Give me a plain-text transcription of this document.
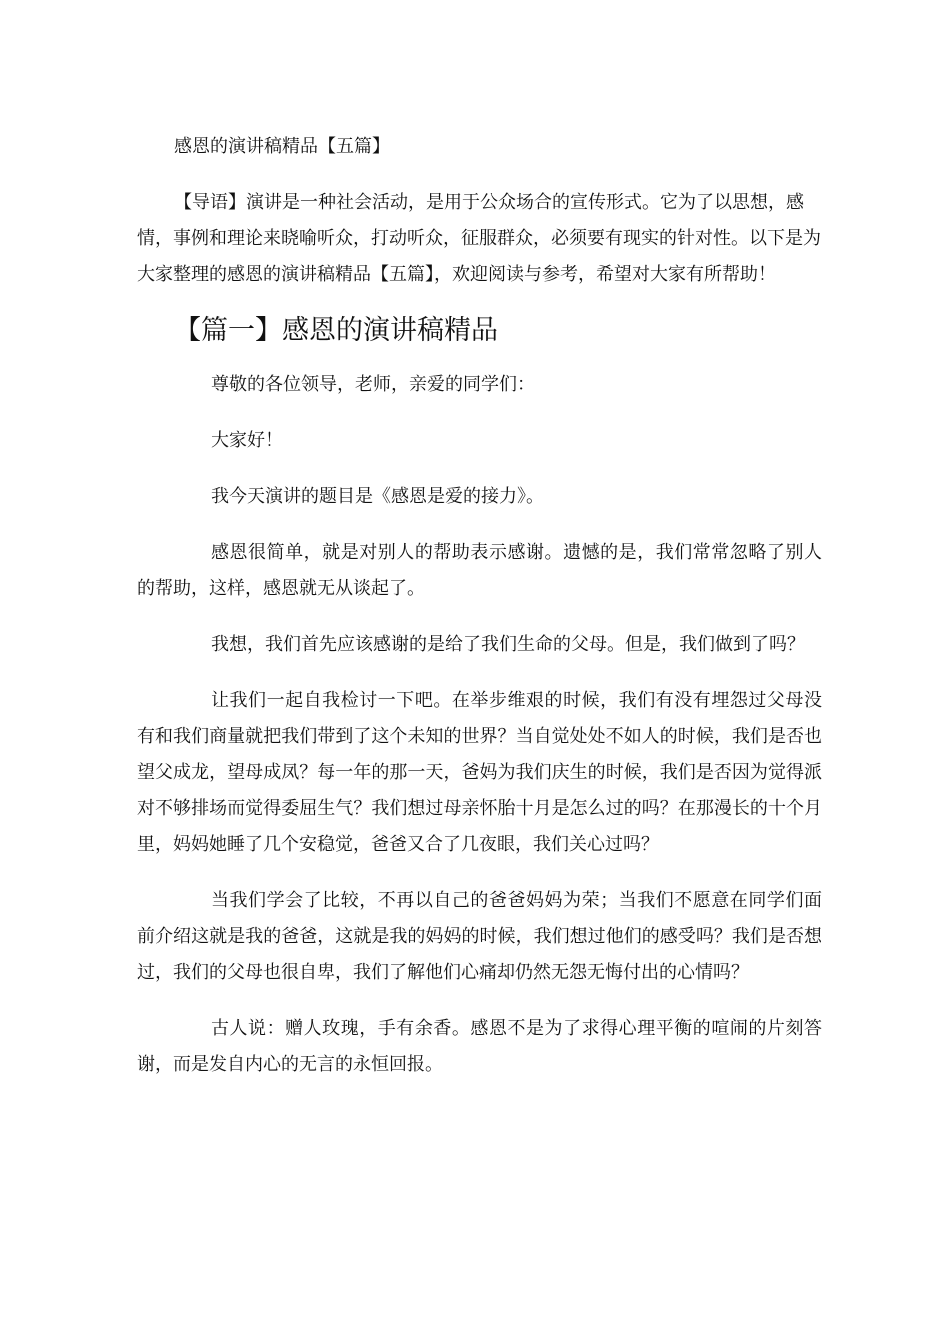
感恩的演讲稿精品【五篇】

【导语】演讲是一种社会活动，是用于公众场合的宣传形式。它为了以思想，感情，事例和理论来晓喻听众，打动听众，征服群众，必须要有现实的针对性。以下是为大家整理的感恩的演讲稿精品【五篇】，欢迎阅读与参考，希望对大家有所帮助！

【篇一】感恩的演讲稿精品

尊敬的各位领导，老师，亲爱的同学们：

大家好！

我今天演讲的题目是《感恩是爱的接力》。

感恩很简单，就是对别人的帮助表示感谢。遗憾的是，我们常常忽略了别人的帮助，这样，感恩就无从谈起了。

我想，我们首先应该感谢的是给了我们生命的父母。但是，我们做到了吗？

让我们一起自我检讨一下吧。在举步维艰的时候，我们有没有埋怨过父母没有和我们商量就把我们带到了这个未知的世界？当自觉处处不如人的时候，我们是否也望父成龙，望母成凤？每一年的那一天，爸妈为我们庆生的时候，我们是否因为觉得派对不够排场而觉得委屈生气？我们想过母亲怀胎十月是怎么过的吗？在那漫长的十个月里，妈妈她睡了几个安稳觉，爸爸又合了几夜眼，我们关心过吗？

当我们学会了比较，不再以自己的爸爸妈妈为荣；当我们不愿意在同学们面前介绍这就是我的爸爸，这就是我的妈妈的时候，我们想过他们的感受吗？我们是否想过，我们的父母也很自卑，我们了解他们心痛却仍然无怨无悔付出的心情吗？

古人说：赠人玫瑰，手有余香。感恩不是为了求得心理平衡的喧闹的片刻答谢，而是发自内心的无言的永恒回报。
